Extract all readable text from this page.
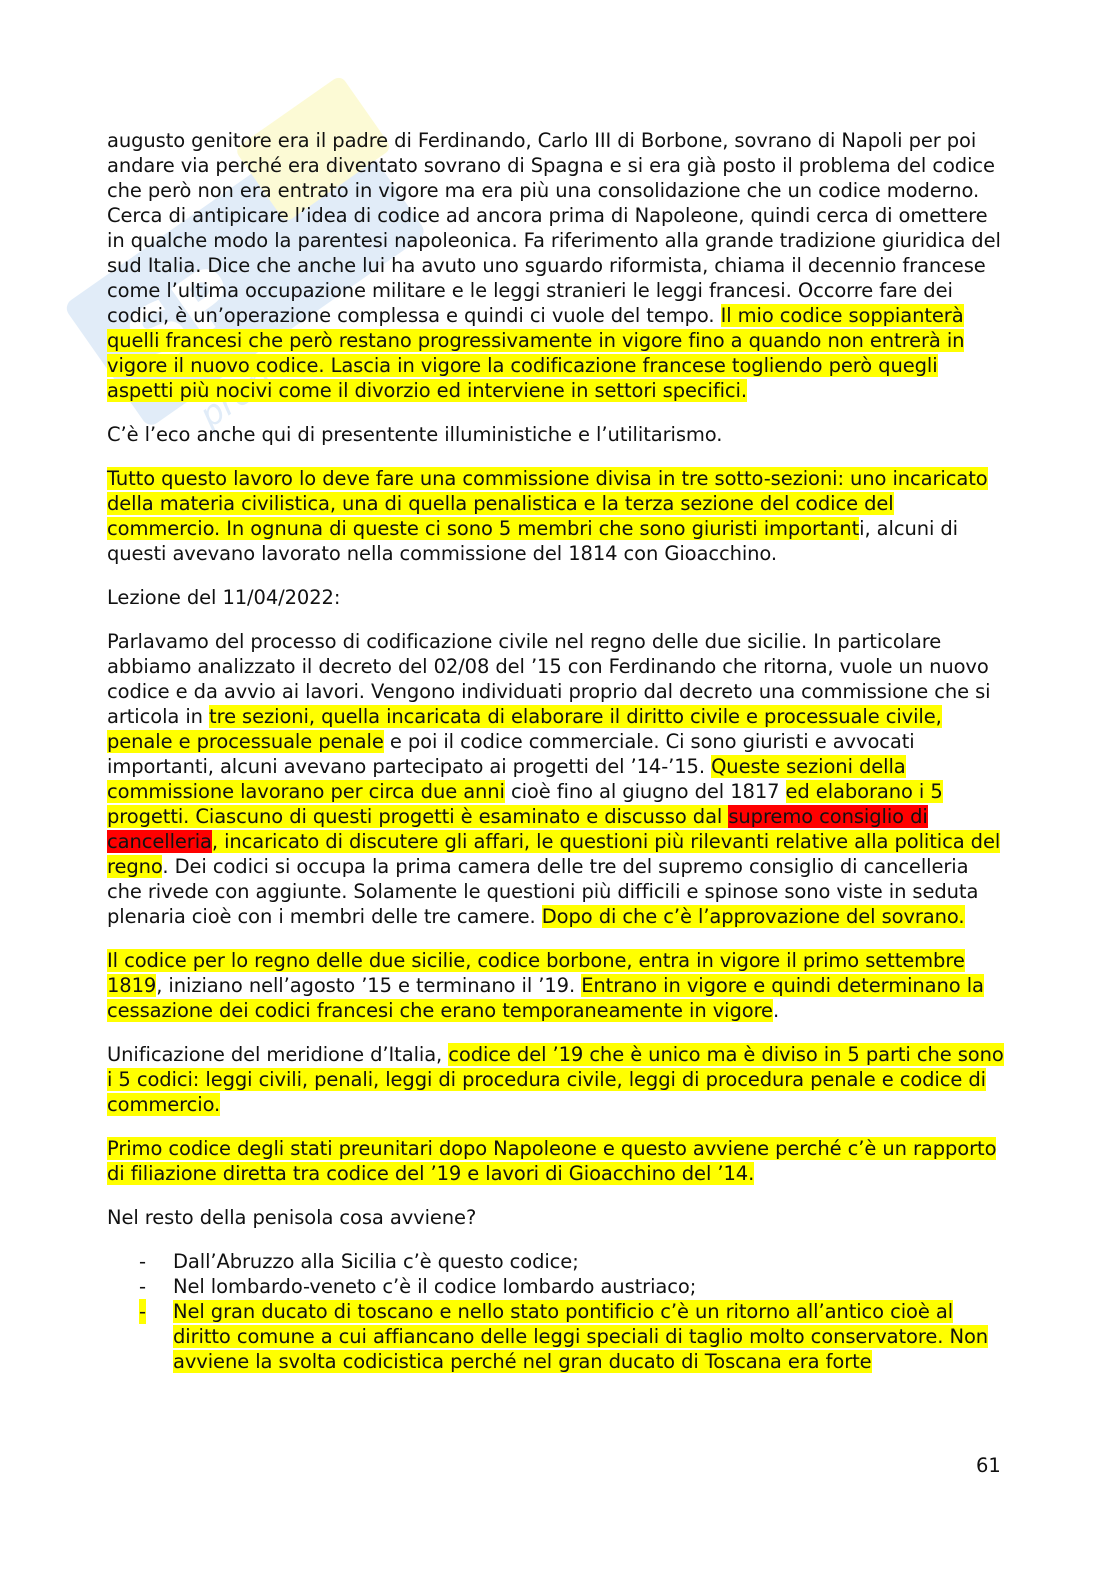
SP

augusto genitore era il padre di Ferdinando, Carlo III di Borbone, sovrano di Napoli per poi andare via perché era diventato sovrano di Spagna e si era già posto il problema del codice che però non era entrato in vigore ma era più una consolidazione che un codice moderno. Cerca di antipicare l’idea di codice ad ancora prima di Napoleone, quindi cerca di omettere in qualche modo la parentesi napoleonica. Fa riferimento alla grande tradizione giuridica del sud Italia. Dice che anche lui ha avuto uno sguardo riformista, chiama il decennio francese come l’ultima occupazione militare e le leggi stranieri le leggi francesi. Occorre fare dei codici, è un’operazione complessa e quindi ci vuole del tempo. Il mio codice soppianterà quelli francesi che però restano progressivamente in vigore fino a quando non entrerà in vigore il nuovo codice. Lascia in vigore la codificazione francese togliendo però quegli aspetti più nocivi come il divorzio ed interviene in settori specifici.

C’è l’eco anche qui di presentente illuministiche e l’utilitarismo.

Tutto questo lavoro lo deve fare una commissione divisa in tre sotto-sezioni: uno incaricato della materia civilistica, una di quella penalistica e la terza sezione del codice del commercio. In ognuna di queste ci sono 5 membri che sono giuristi importanti, alcuni di questi avevano lavorato nella commissione del 1814 con Gioacchino.

Lezione del 11/04/2022:

Parlavamo del processo di codificazione civile nel regno delle due sicilie. In particolare abbiamo analizzato il decreto del 02/08 del ’15 con Ferdinando che ritorna, vuole un nuovo codice e da avvio ai lavori. Vengono individuati proprio dal decreto una commissione che si articola in tre sezioni, quella incaricata di elaborare il diritto civile e processuale civile, penale e processuale penale e poi il codice commerciale. Ci sono giuristi e avvocati importanti, alcuni avevano partecipato ai progetti del ’14-’15. Queste sezioni della commissione lavorano per circa due anni cioè fino al giugno del 1817 ed elaborano i 5 progetti. Ciascuno di questi progetti è esaminato e discusso dal supremo consiglio di cancelleria, incaricato di discutere gli affari, le questioni più rilevanti relative alla politica del regno. Dei codici si occupa la prima camera delle tre del supremo consiglio di cancelleria che rivede con aggiunte. Solamente le questioni più difficili e spinose sono viste in seduta plenaria cioè con i membri delle tre camere. Dopo di che c’è l’approvazione del sovrano.

Il codice per lo regno delle due sicilie, codice borbone, entra in vigore il primo settembre 1819, iniziano nell’agosto ’15 e terminano il ’19. Entrano in vigore e quindi determinano la cessazione dei codici francesi che erano temporaneamente in vigore.

Unificazione del meridione d’Italia, codice del ’19 che è unico ma è diviso in 5 parti che sono i 5 codici: leggi civili, penali, leggi di procedura civile, leggi di procedura penale e codice di commercio.

Primo codice degli stati preunitari dopo Napoleone e questo avviene perché c’è un rapporto di filiazione diretta tra codice del ’19 e lavori di Gioacchino del ’14.

Nel resto della penisola cosa avviene?

- Dall’Abruzzo alla Sicilia c’è questo codice;
- Nel lombardo-veneto c’è il codice lombardo austriaco;
- Nel gran ducato di toscano e nello stato pontificio c’è un ritorno all’antico cioè al diritto comune a cui affiancano delle leggi speciali di taglio molto conservatore. Non avviene la svolta codicistica perché nel gran ducato di Toscana era forte
61
